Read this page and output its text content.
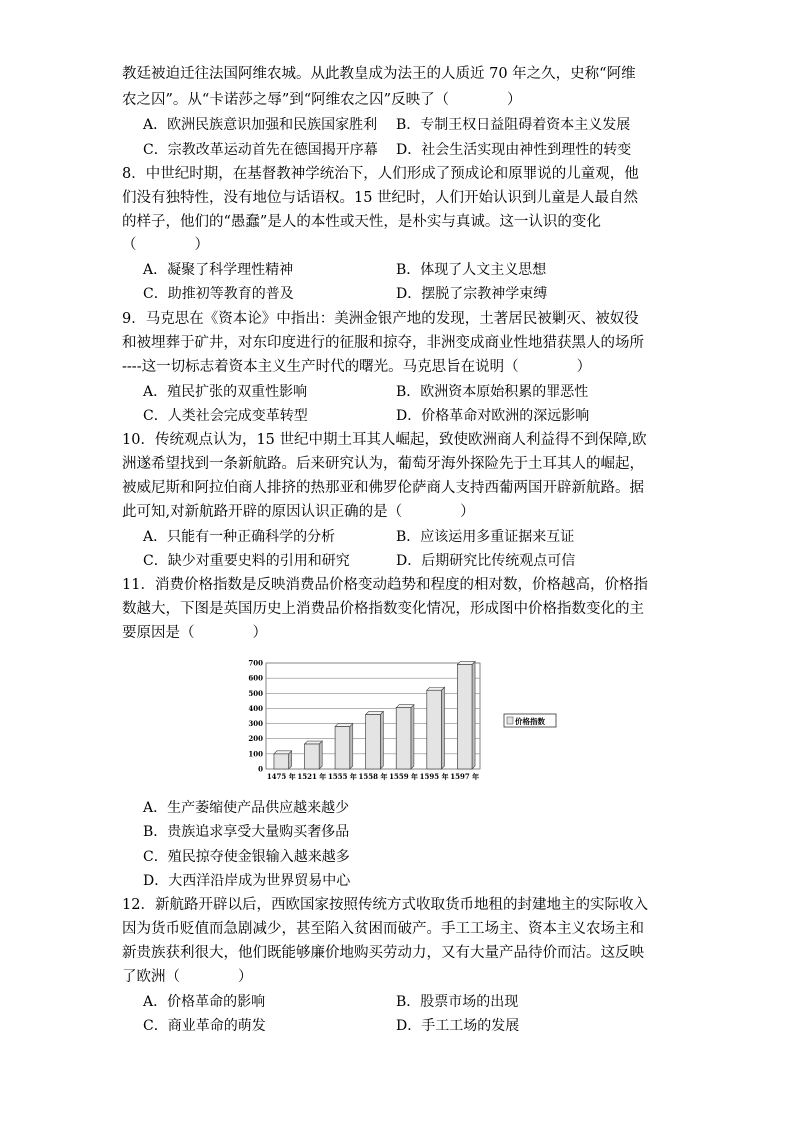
教廷被迫迁往法国阿维农城。从此教皇成为法王的人质近 70 年之久，史称“阿维
农之囚”。从“卡诺莎之辱”到“阿维农之囚”反映了（　　　　）
A．欧洲民族意识加强和民族国家胜利 B．专制王权日益阻碍着资本主义发展
C．宗教改革运动首先在德国揭开序幕 D．社会生活实现由神性到理性的转变
8．中世纪时期，在基督教神学统治下，人们形成了预成论和原罪说的儿童观，他
们没有独特性，没有地位与话语权。15 世纪时，人们开始认识到儿童是人最自然
的样子，他们的“愚蠢”是人的本性或天性，是朴实与真诚。这一认识的变化
（　　　　）
A．凝聚了科学理性精神	B．体现了人文主义思想
C．助推初等教育的普及	D．摆脱了宗教神学束缚
9．马克思在《资本论》中指出：美洲金银产地的发现，土著居民被剿灭、被奴役
和被埋葬于矿井，对东印度进行的征服和掠夺，非洲变成商业性地猎获黑人的场所
----这一切标志着资本主义生产时代的曙光。马克思旨在说明（　　　　）
A．殖民扩张的双重性影响	B．欧洲资本原始积累的罪恶性
C．人类社会完成变革转型	D．价格革命对欧洲的深远影响
10．传统观点认为，15 世纪中期土耳其人崛起，致使欧洲商人利益得不到保障,欧
洲遂希望找到一条新航路。后来研究认为，葡萄牙海外探险先于土耳其人的崛起，
被威尼斯和阿拉伯商人排挤的热那亚和佛罗伦萨商人支持西葡两国开辟新航路。据
此可知,对新航路开辟的原因认识正确的是（　　　　）
A．只能有一种正确科学的分析	B．应该运用多重证据来互证
C．缺少对重要史料的引用和研究	D．后期研究比传统观点可信
11．消费价格指数是反映消费品价格变动趋势和程度的相对数，价格越高，价格指
数越大，下图是英国历史上消费品价格指数变化情况，形成图中价格指数变化的主
要原因是（　　　　）
700
600
500
400
300
200
100
0
1475 年 1521 年 1555 年 1558 年 1559 年 1595 年 1597 年
价格指数
A．生产萎缩使产品供应越来越少
B．贵族追求享受大量购买奢侈品
C．殖民掠夺使金银输入越来越多
D．大西洋沿岸成为世界贸易中心
12．新航路开辟以后，西欧国家按照传统方式收取货币地租的封建地主的实际收入
因为货币贬值而急剧减少，甚至陷入贫困而破产。手工工场主、资本主义农场主和
新贵族获利很大，他们既能够廉价地购买劳动力，又有大量产品待价而沽。这反映
了欧洲（　　　　）
A．价格革命的影响	B．股票市场的出现
C．商业革命的萌发	D．手工工场的发展
